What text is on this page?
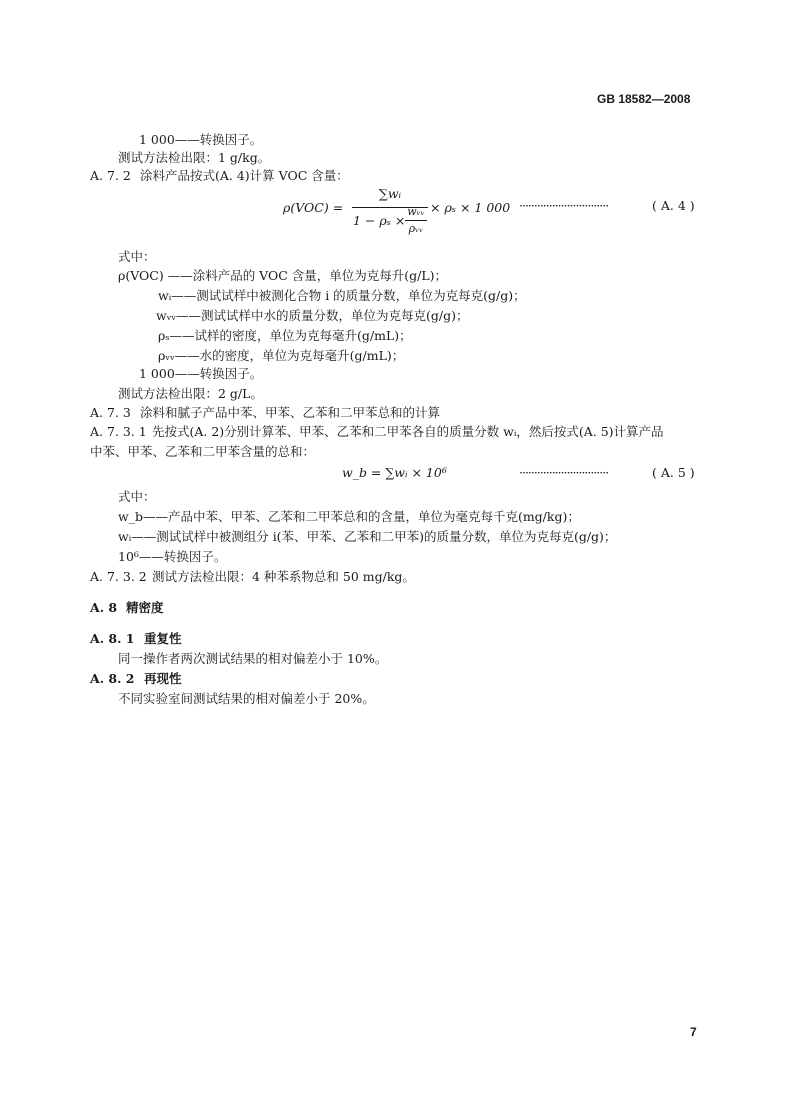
GB 18582—2008
1 000——转换因子。
测试方法检出限：1 g/kg。
A. 7. 2 涂料产品按式(A. 4)计算 VOC 含量：
ρ(VOC) =
∑wᵢ
1 − ρₛ ×
wᵥᵥ
ρᵥᵥ
× ρₛ × 1 000 ······························	( A. 4 )
式中：
ρ(VOC) ——涂料产品的 VOC 含量，单位为克每升(g/L)；
wᵢ——测试试样中被测化合物 i 的质量分数，单位为克每克(g/g)；
wᵥᵥ——测试试样中水的质量分数，单位为克每克(g/g)；
ρₛ——试样的密度，单位为克每毫升(g/mL)；
ρᵥᵥ——水的密度，单位为克每毫升(g/mL)；
1 000——转换因子。
测试方法检出限：2 g/L。
A. 7. 3 涂料和腻子产品中苯、甲苯、乙苯和二甲苯总和的计算
A. 7. 3. 1 先按式(A. 2)分别计算苯、甲苯、乙苯和二甲苯各自的质量分数 wᵢ，然后按式(A. 5)计算产品
中苯、甲苯、乙苯和二甲苯含量的总和：
w_b = ∑wᵢ × 10⁶	······························	( A. 5 )
式中：
w_b——产品中苯、甲苯、乙苯和二甲苯总和的含量，单位为毫克每千克(mg/kg)；
wᵢ——测试试样中被测组分 i(苯、甲苯、乙苯和二甲苯)的质量分数，单位为克每克(g/g)；
10⁶——转换因子。
A. 7. 3. 2 测试方法检出限：4 种苯系物总和 50 mg/kg。
A. 8 精密度
A. 8. 1 重复性
同一操作者两次测试结果的相对偏差小于 10%。
A. 8. 2 再现性
不同实验室间测试结果的相对偏差小于 20%。
7
